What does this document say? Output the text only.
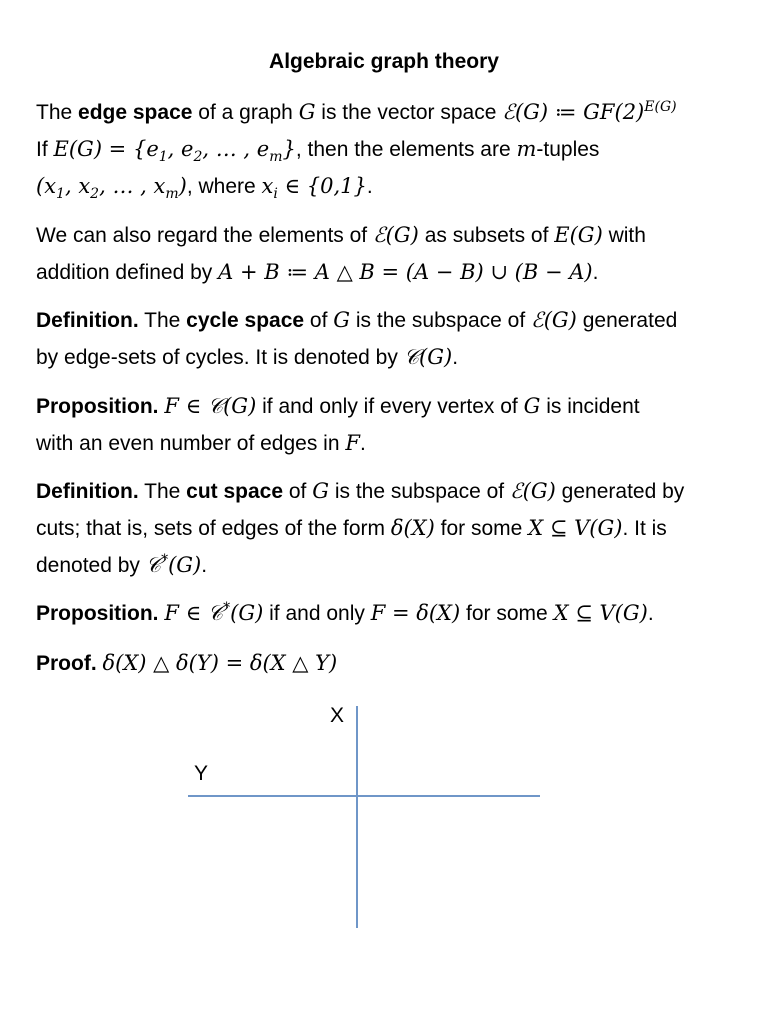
Algebraic graph theory
The edge space of a graph G is the vector space ℰ(G) ≔ $GF(2)^{E(G)}$
If $E(G) = \{e_1$, $e_2$, … , $e_m$}, then the elements are m-tuples
($x_1$, $x_2$, … , $x_m$), where $x_i$ ∈ {0,1}.
We can also regard the elements of ℰ(G) as subsets of E(G) with
addition defined by A + B ≔ A △ B = (A − B) ∪ (B − A).
Definition. The cycle space of G is the subspace of ℰ(G) generated
by edge-sets of cycles. It is denoted by 𝒞(G).
Proposition. F ∈ 𝒞(G) if and only if every vertex of G is incident
with an even number of edges in F.
Definition. The cut space of G is the subspace of ℰ(G) generated by
cuts; that is, sets of edges of the form δ(X) for some X ⊆ V(G). It is
denoted by 𝒞*(G).
Proposition. F ∈ 𝒞*(G) if and only F = δ(X) for some X ⊆ V(G).
Proof. δ(X) △ δ(Y) = δ(X △ Y)
X
Y
